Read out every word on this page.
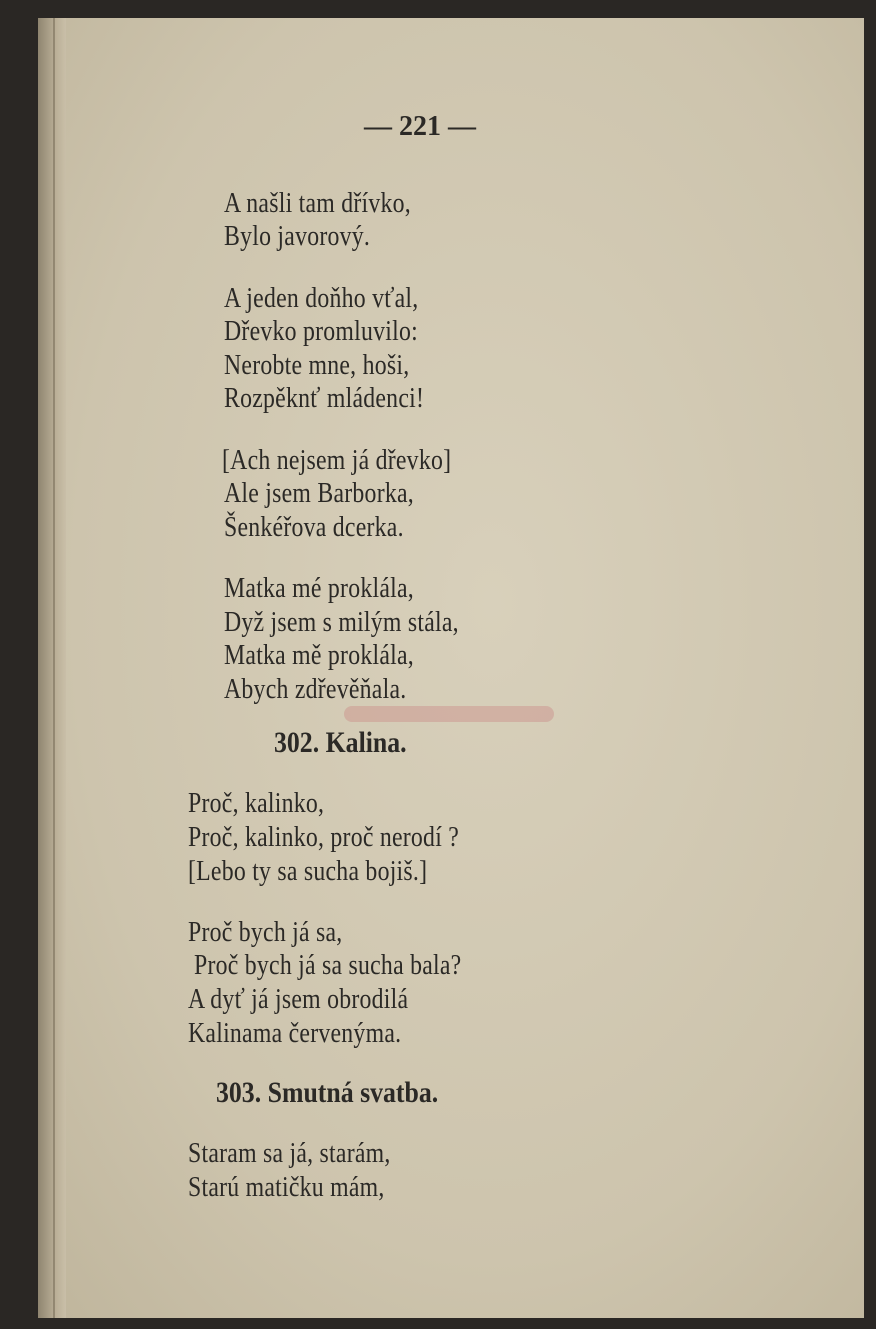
— 221 —

A našli tam dřívko,

Bylo javorový.

A jeden doňho vťal,

Dřevko promluvilo:

Nerobte mne, hoši,

Rozpěknť mládenci!

[Ach nejsem já dřevko]

Ale jsem Barborka,

Šenkéřova dcerka.

Matka mé proklála,

Dyž jsem s milým stála,

Matka mě proklála,

Abych zdřevěňala.

302. Kalina.

Proč, kalinko,

Proč, kalinko, proč nerodí ?

[Lebo ty sa sucha bojiš.]

Proč bych já sa,

Proč bych já sa sucha bala?

A dyť já jsem obrodilá

Kalinama červenýma.

303. Smutná svatba.

Staram sa já, starám,

Starú matičku mám,
